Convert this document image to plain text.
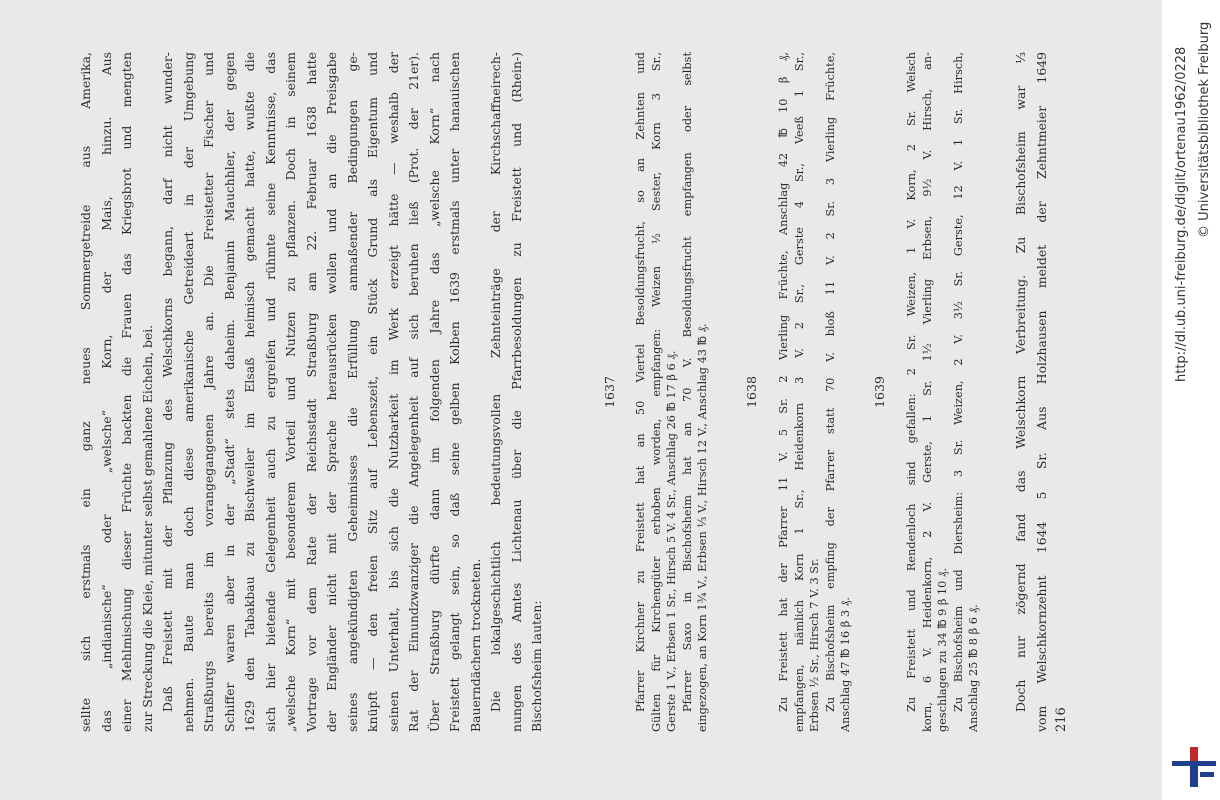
sellte sich erstmals ein ganz neues Sommergetreide aus Amerika, das „indianische“ oder „welsche“ Korn, der Mais, hinzu. Aus einer Mehlmischung dieser Früchte backten die Frauen das Kriegsbrot und mengten zur Streckung die Kleie, mitunter selbst gemahlene Eicheln, bei. Daß Freistett mit der Pflanzung des Welschkorns begann, darf nicht wunder- nehmen. Baute man doch diese amerikanische Getreideart in der Umgebung Straßburgs bereits im vorangegangenen Jahre an. Die Freistetter Fischer und Schiffer waren aber in der „Stadt“ stets daheim. Benjamin Mauchhler, der gegen 1629 den Tabakbau zu Bischweiler im Elsaß heimisch gemacht hatte, wußte die sich hier bietende Gelegenheit auch zu ergreifen und rühmte seine Kenntnisse, das „welsche Korn“ mit besonderem Vorteil und Nutzen zu pflanzen. Doch in seinem Vortrage vor dem Rate der Reichsstadt Straßburg am 22. Februar 1638 hatte der Engländer nicht mit der Sprache herausrücken wollen und an die Preisgabe seines angekündigten Geheimnisses die Erfüllung anmaßender Bedingungen ge- knüpft — den freien Sitz auf Lebenszeit, ein Stück Grund als Eigentum und seinen Unterhalt, bis sich die Nutzbarkeit im Werk erzeigt hätte — weshalb der Rat der Einundzwanziger die Angelegenheit auf sich beruhen ließ (Prot. der 21er). Über Straßburg dürfte dann im folgenden Jahre das „welsche Korn“ nach Freistett gelangt sein, so daß seine gelben Kolben 1639 erstmals unter hanauischen Bauerndächern trockneten. Die lokalgeschichtlich bedeutungsvollen Zehnteinträge der Kirchschaffneirech- nungen des Amtes Lichtenau über die Pfarrbesoldungen zu Freistett und (Rhein-) Bischofsheim lauten:
1637 Pfarrer Kirchner zu Freistett hat an 50 Viertel Besoldungsfrucht, so an Zehnten und Gülten für Kirchengüter erhoben worden, empfangen: Weizen ½ Sester, Korn 3 Sr., Gerste 1 V., Erbsen 1 Sr., Hirsch 5 V. 4 Sr., Anschlag 26 ℔ 17 β 6 ₰. Pfarrer Saxo in Bischofsheim hat an 70 V. Besoldungsfrucht empfangen oder selbst eingezogen, an Korn 1¾ V., Erbsen ⅓ V., Hirsch 12 V., Anschlag 43 ℔ ₰.	1638 Zu Freistett hat der Pfarrer 11 V. 5 Sr. 2 Vierling Früchte, Anschlag 42 ℔ 10 β ₰, empfangen, nämlich Korn 1 Sr., Heidenkorn 3 V. 2 Sr., Gerste 4 Sr., Veeß 1 Sr., Erbsen ½ Sr., Hirsch 7 V. 3 Sr. Zu Bischofsheim empfing der Pfarrer statt 70 V. bloß 11 V. 2 Sr. 3 Vierling Früchte, Anschlag 47 ℔ 16 β 3 ₰.
1639 Zu Freistett und Rendenloch sind gefallen: 2 Sr. Weizen, 1 V. Korn, 2 Sr. Welsch korn, 6 V. Heidenkorn, 2 V. Gerste, 1 Sr. 1½ Vierling Erbsen, 9½ V. Hirsch, an- geschlagen zu 34 ℔ 9 β 10 ₰. Zu Bischofsheim und Diersheim: 3 Sr. Weizen, 2 V. 3½ Sr. Gerste, 12 V. 1 Sr. Hirsch, Anschlag 25 ℔ 8 β 6 ₰.	Doch nur zögernd fand das Welschkorn Verbreitung. Zu Bischofsheim war ⅓ vom Welschkornzehnt 1644 5 Sr. Aus Holzhausen meldet der Zehntmeier 1649 216
http://dl.ub.uni-freiburg.de/diglit/ortenau1962/0228 © Universitätsbibliothek Freiburg
